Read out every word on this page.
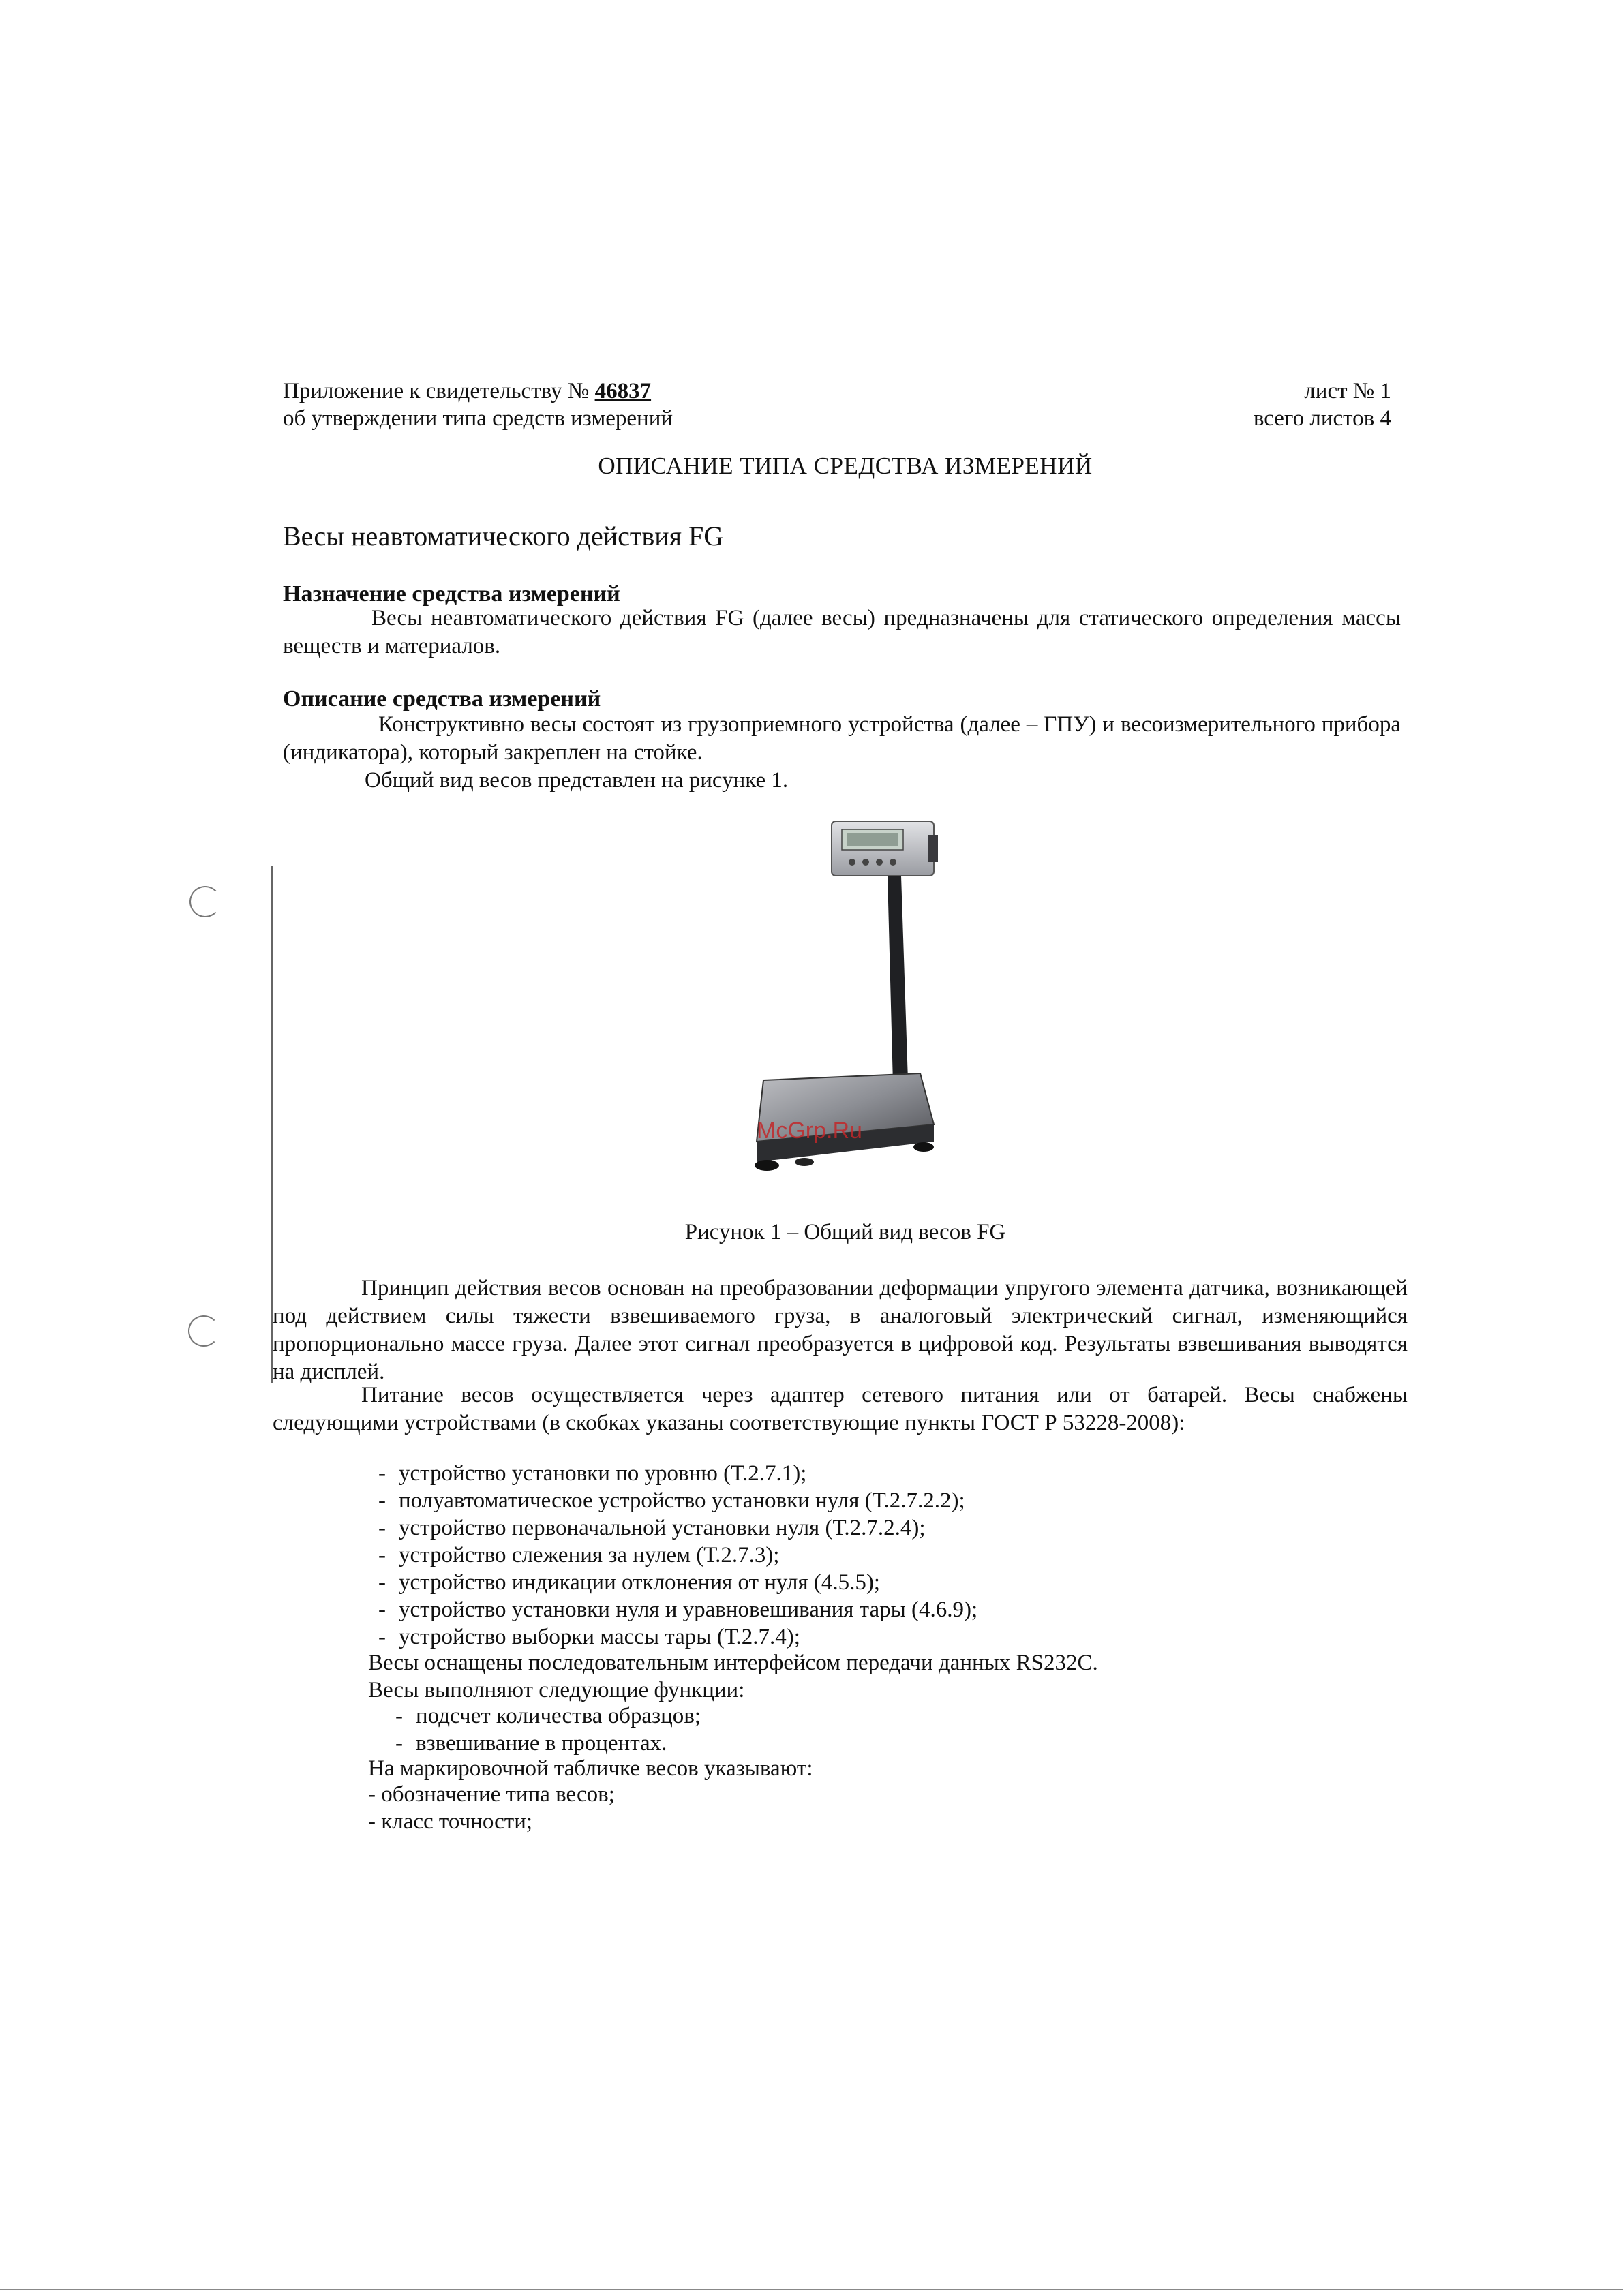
Приложение к свидетельству № 46837
об утверждении типа средств измерений
лист № 1
всего листов 4
ОПИСАНИЕ ТИПА СРЕДСТВА ИЗМЕРЕНИЙ
Весы неавтоматического действия FG
Назначение средства измерений
Весы неавтоматического действия FG (далее весы) предназначены для статического определения массы веществ и материалов.
Описание средства измерений
Конструктивно весы состоят из грузоприемного устройства (далее – ГПУ) и весоизмерительного прибора (индикатора), который закреплен на стойке.
Общий вид весов представлен на рисунке 1.
McGrp.Ru
Рисунок 1 – Общий вид весов FG
Принцип действия весов основан на преобразовании деформации упругого элемента датчика, возникающей под действием силы тяжести взвешиваемого груза, в аналоговый электрический сигнал, изменяющийся пропорционально массе груза. Далее этот сигнал преобразуется в цифровой код. Результаты взвешивания выводятся на дисплей.
Питание весов осуществляется через адаптер сетевого питания или от батарей. Весы снабжены следующими устройствами (в скобках указаны соответствующие пункты ГОСТ Р 53228-2008):
- устройство установки по уровню (Т.2.7.1);
- полуавтоматическое устройство установки нуля (Т.2.7.2.2);
- устройство первоначальной установки нуля (Т.2.7.2.4);
- устройство слежения за нулем (Т.2.7.3);
- устройство индикации отклонения от нуля (4.5.5);
- устройство установки нуля и уравновешивания тары (4.6.9);
- устройство выборки массы тары (Т.2.7.4);
Весы оснащены последовательным интерфейсом передачи данных RS232C.
Весы выполняют следующие функции:
- подсчет количества образцов;
- взвешивание в процентах.
На маркировочной табличке весов указывают:
- обозначение типа весов;
- класс точности;
